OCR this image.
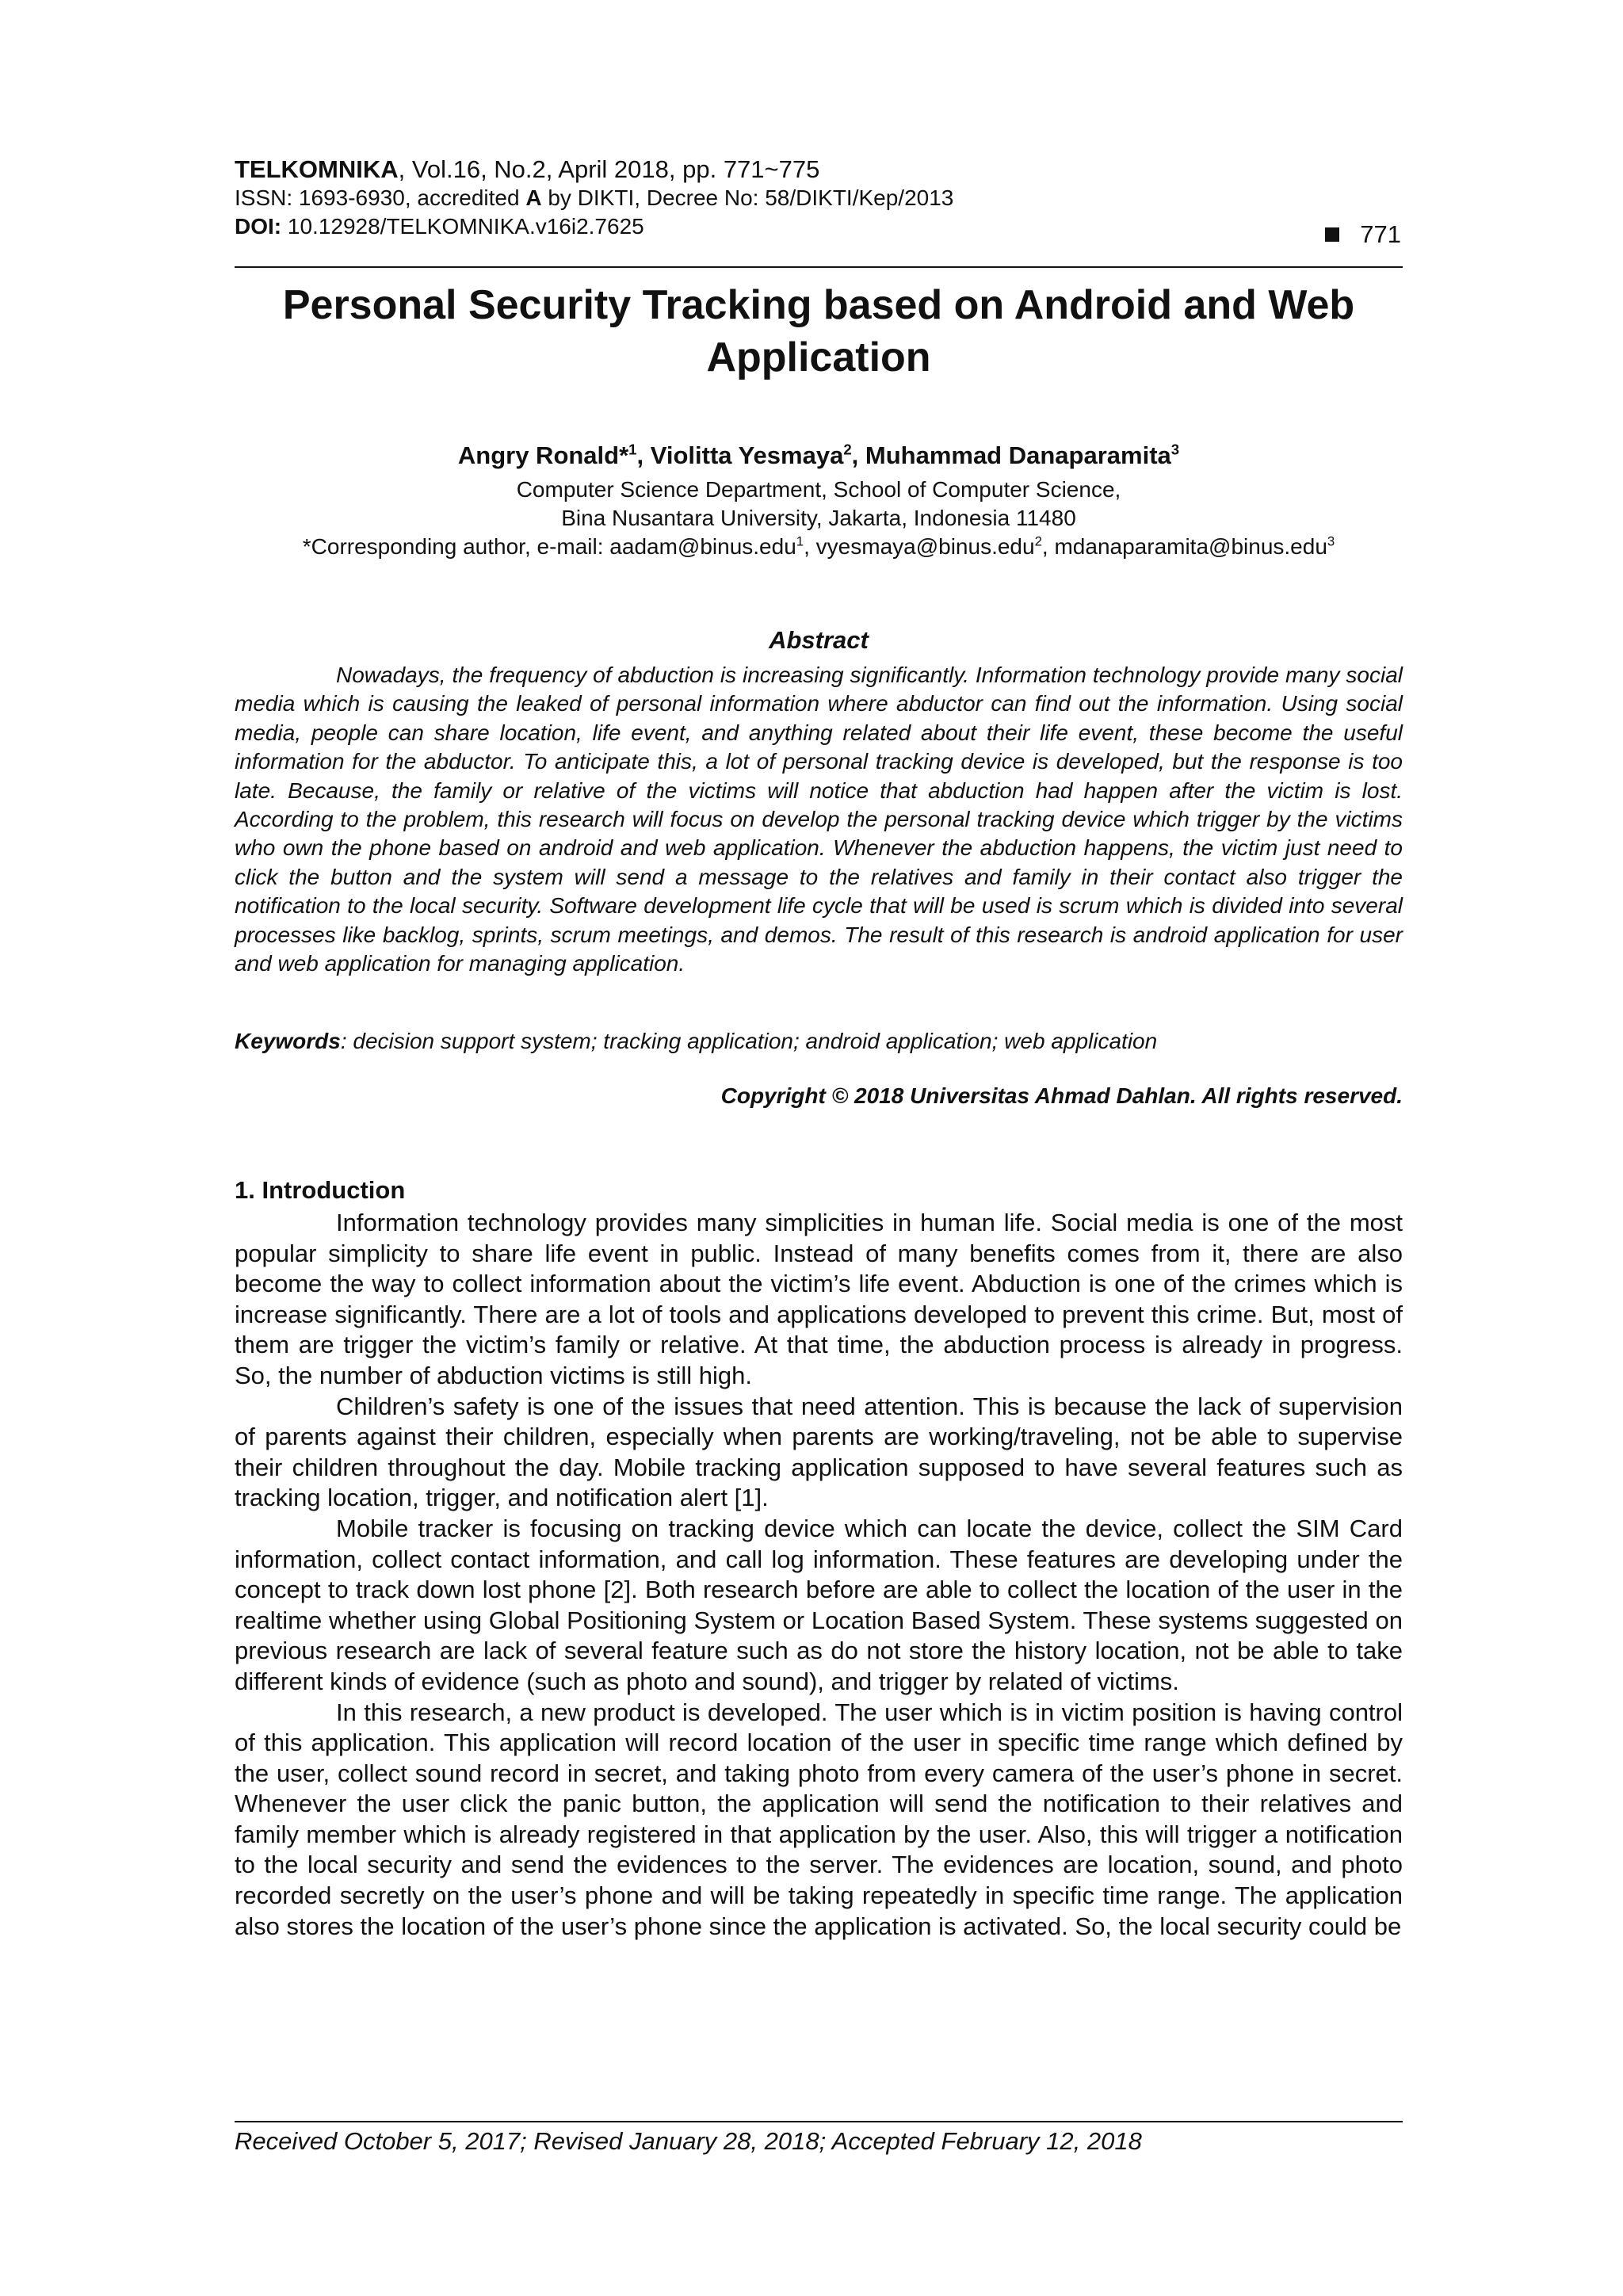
TELKOMNIKA, Vol.16, No.2, April 2018, pp. 771~775
ISSN: 1693-6930, accredited A by DIKTI, Decree No: 58/DIKTI/Kep/2013
DOI: 10.12928/TELKOMNIKA.v16i2.7625	771
Personal Security Tracking based on Android and Web Application
Angry Ronald*$^1$, Violitta Yesmaya$^2$, Muhammad Danaparamita$^3$
Computer Science Department, School of Computer Science,
Bina Nusantara University, Jakarta, Indonesia 11480
*Corresponding author, e-mail: aadam@binus.edu$^1$, vyesmaya@binus.edu$^2$, mdanaparamita@binus.edu$^3$
Abstract
Nowadays, the frequency of abduction is increasing significantly. Information technology provide many social media which is causing the leaked of personal information where abductor can find out the information. Using social media, people can share location, life event, and anything related about their life event, these become the useful information for the abductor. To anticipate this, a lot of personal tracking device is developed, but the response is too late. Because, the family or relative of the victims will notice that abduction had happen after the victim is lost. According to the problem, this research will focus on develop the personal tracking device which trigger by the victims who own the phone based on android and web application. Whenever the abduction happens, the victim just need to click the button and the system will send a message to the relatives and family in their contact also trigger the notification to the local security. Software development life cycle that will be used is scrum which is divided into several processes like backlog, sprints, scrum meetings, and demos. The result of this research is android application for user and web application for managing application.
Keywords: decision support system; tracking application; android application; web application
Copyright © 2018 Universitas Ahmad Dahlan. All rights reserved.
1. Introduction

Information technology provides many simplicities in human life. Social media is one of the most popular simplicity to share life event in public. Instead of many benefits comes from it, there are also become the way to collect information about the victim’s life event. Abduction is one of the crimes which is increase significantly. There are a lot of tools and applications developed to prevent this crime. But, most of them are trigger the victim’s family or relative. At that time, the abduction process is already in progress. So, the number of abduction victims is still high.

Children’s safety is one of the issues that need attention. This is because the lack of supervision of parents against their children, especially when parents are working/traveling, not be able to supervise their children throughout the day. Mobile tracking application supposed to have several features such as tracking location, trigger, and notification alert [1].

Mobile tracker is focusing on tracking device which can locate the device, collect the SIM Card information, collect contact information, and call log information. These features are developing under the concept to track down lost phone [2]. Both research before are able to collect the location of the user in the realtime whether using Global Positioning System or Location Based System. These systems suggested on previous research are lack of several feature such as do not store the history location, not be able to take different kinds of evidence (such as photo and sound), and trigger by related of victims.

In this research, a new product is developed. The user which is in victim position is having control of this application. This application will record location of the user in specific time range which defined by the user, collect sound record in secret, and taking photo from every camera of the user’s phone in secret. Whenever the user click the panic button, the application will send the notification to their relatives and family member which is already registered in that application by the user. Also, this will trigger a notification to the local security and send the evidences to the server. The evidences are location, sound, and photo recorded secretly on the user’s phone and will be taking repeatedly in specific time range. The application also stores the location of the user’s phone since the application is activated. So, the local security could be

Received October 5, 2017; Revised January 28, 2018; Accepted February 12, 2018
